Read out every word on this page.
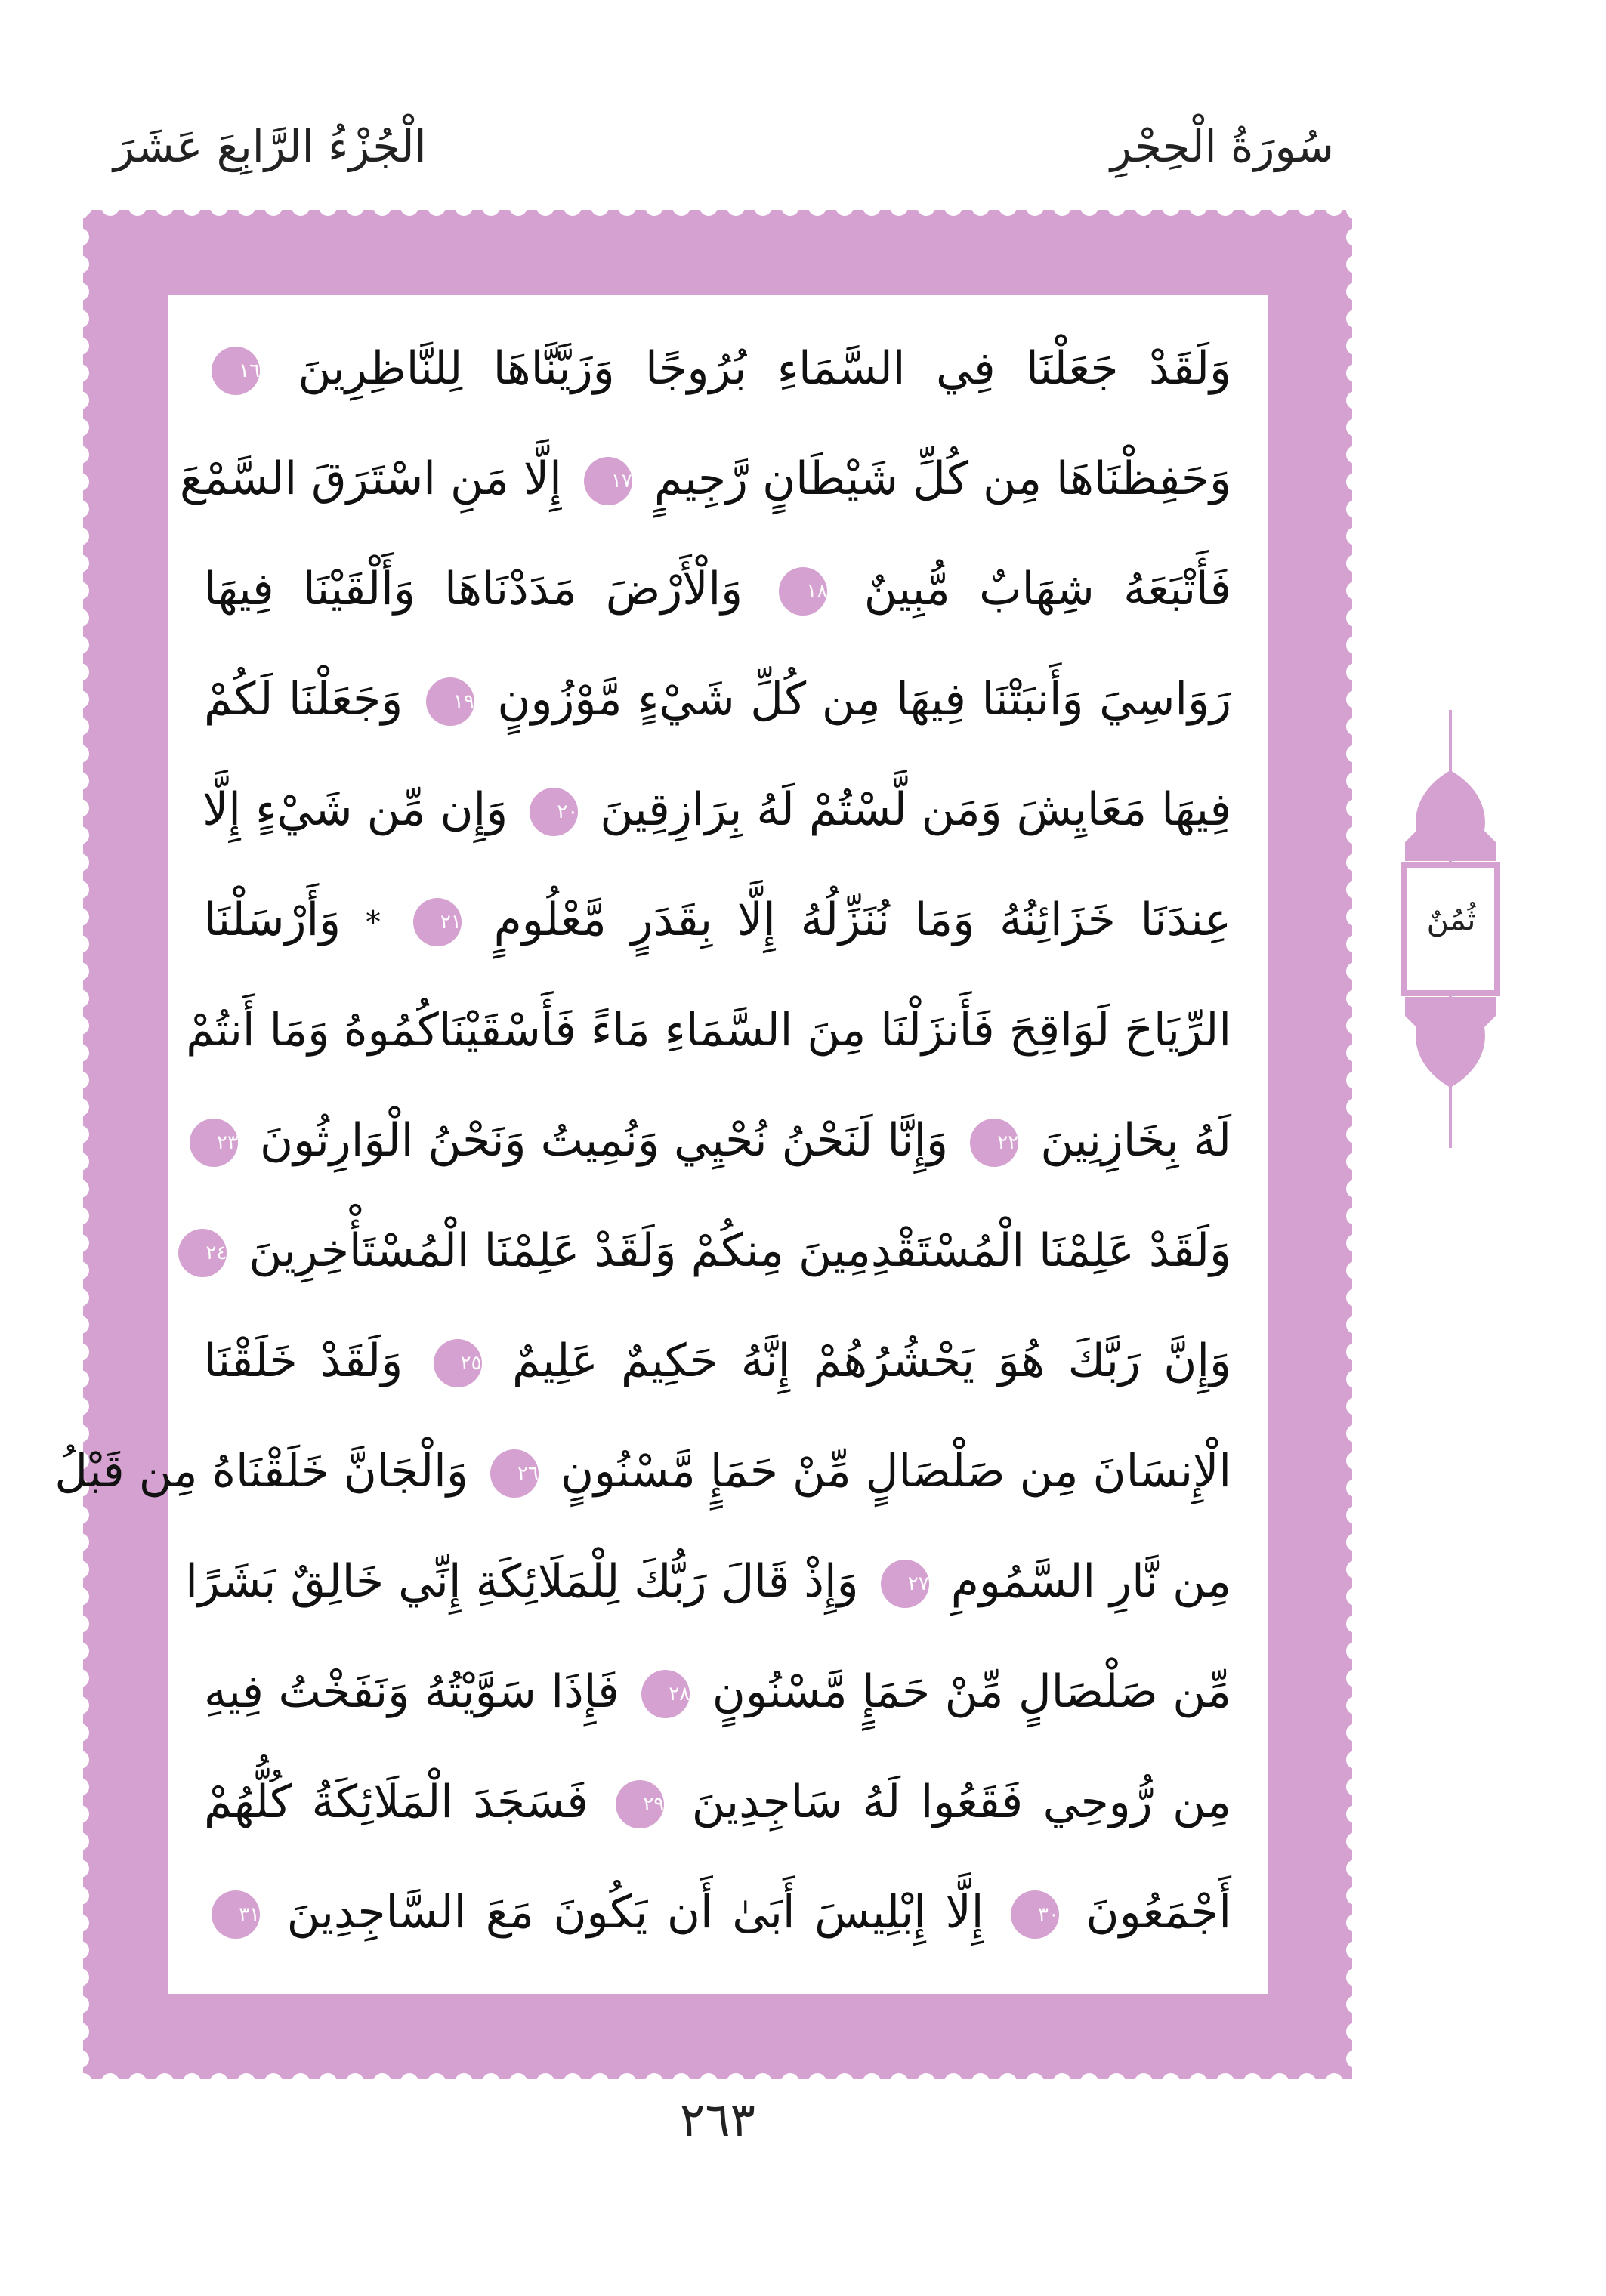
سُورَةُ الْحِجْرِ
الْجُزْءُ الرَّابِعَ عَشَرَ
وَلَقَدْ جَعَلْنَا فِي السَّمَاءِ بُرُوجًا وَزَيَّنَّاهَا لِلنَّاظِرِينَ ١٦
وَحَفِظْنَاهَا مِن كُلِّ شَيْطَانٍ رَّجِيمٍ ١٧ إِلَّا مَنِ اسْتَرَقَ السَّمْعَ
فَأَتْبَعَهُ شِهَابٌ مُّبِينٌ ١٨ وَالْأَرْضَ مَدَدْنَاهَا وَأَلْقَيْنَا فِيهَا
رَوَاسِيَ وَأَنبَتْنَا فِيهَا مِن كُلِّ شَيْءٍ مَّوْزُونٍ ١٩ وَجَعَلْنَا لَكُمْ
فِيهَا مَعَايِشَ وَمَن لَّسْتُمْ لَهُ بِرَازِقِينَ ٢٠ وَإِن مِّن شَيْءٍ إِلَّا
عِندَنَا خَزَائِنُهُ وَمَا نُنَزِّلُهُ إِلَّا بِقَدَرٍ مَّعْلُومٍ ٢١ * وَأَرْسَلْنَا
الرِّيَاحَ لَوَاقِحَ فَأَنزَلْنَا مِنَ السَّمَاءِ مَاءً فَأَسْقَيْنَاكُمُوهُ وَمَا أَنتُمْ
لَهُ بِخَازِنِينَ ٢٢ وَإِنَّا لَنَحْنُ نُحْيِي وَنُمِيتُ وَنَحْنُ الْوَارِثُونَ ٢٣
وَلَقَدْ عَلِمْنَا الْمُسْتَقْدِمِينَ مِنكُمْ وَلَقَدْ عَلِمْنَا الْمُسْتَأْخِرِينَ ٢٤
وَإِنَّ رَبَّكَ هُوَ يَحْشُرُهُمْ إِنَّهُ حَكِيمٌ عَلِيمٌ ٢٥ وَلَقَدْ خَلَقْنَا
الْإِنسَانَ مِن صَلْصَالٍ مِّنْ حَمَإٍ مَّسْنُونٍ ٢٦ وَالْجَانَّ خَلَقْنَاهُ مِن قَبْلُ
مِن نَّارِ السَّمُومِ ٢٧ وَإِذْ قَالَ رَبُّكَ لِلْمَلَائِكَةِ إِنِّي خَالِقٌ بَشَرًا
مِّن صَلْصَالٍ مِّنْ حَمَإٍ مَّسْنُونٍ ٢٨ فَإِذَا سَوَّيْتُهُ وَنَفَخْتُ فِيهِ
مِن رُّوحِي فَقَعُوا لَهُ سَاجِدِينَ ٢٩ فَسَجَدَ الْمَلَائِكَةُ كُلُّهُمْ
أَجْمَعُونَ ٣٠ إِلَّا إِبْلِيسَ أَبَىٰ أَن يَكُونَ مَعَ السَّاجِدِينَ ٣١
ثُمُنٌ
٢٦٣
